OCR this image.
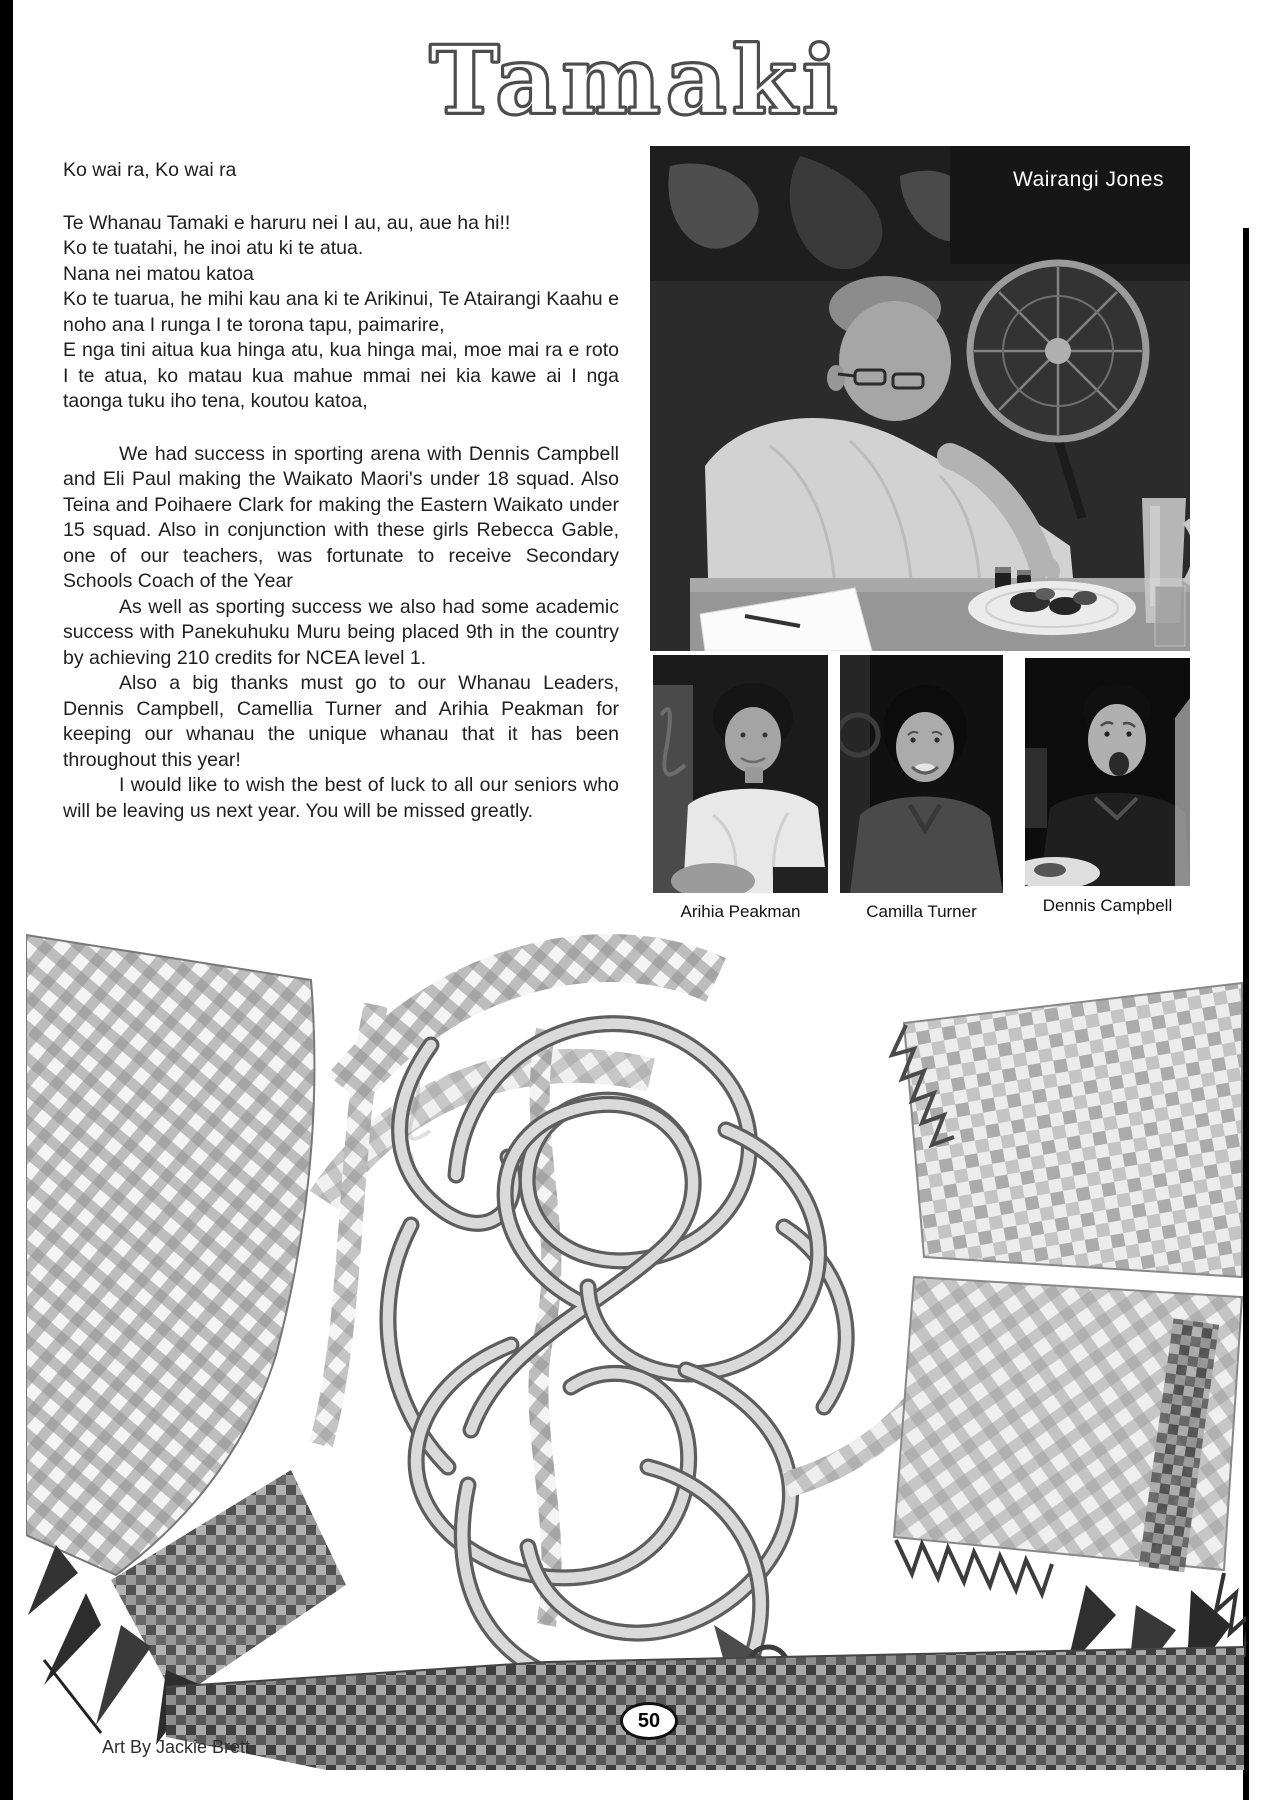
Tamaki
Ko wai ra, Ko wai ra
Te Whanau Tamaki e haruru nei I au, au, aue ha hi!!
Ko te tuatahi, he inoi atu ki te atua.
Nana nei matou katoa
Ko te tuarua, he mihi kau ana ki te Arikinui, Te Atairangi Kaahu e noho ana I runga I te torona tapu, paimarire,
E nga tini aitua kua hinga atu, kua hinga mai, moe mai ra e roto I te atua, ko matau kua mahue mmai nei kia kawe ai I nga taonga tuku iho tena, koutou katoa,

We had success in sporting arena with Dennis Campbell and Eli Paul making the Waikato Maori's under 18 squad. Also Teina and Poihaere Clark for making the Eastern Waikato under 15 squad. Also in conjunction with these girls Rebecca Gable, one of our teachers, was fortunate to receive Secondary Schools Coach of the Year

As well as sporting success we also had some academic success with Panekuhuku Muru being placed 9th in the country by achieving 210 credits for NCEA level 1.

Also a big thanks must go to our Whanau Leaders, Dennis Campbell, Camellia Turner and Arihia Peakman for keeping our whanau the unique whanau that it has been throughout this year!

I would like to wish the best of luck to all our seniors who will be leaving us next year. You will be missed greatly.

Wairangi Jones
Arihia Peakman	Camilla Turner	Dennis Campbell
50
Art By Jackie Brett
